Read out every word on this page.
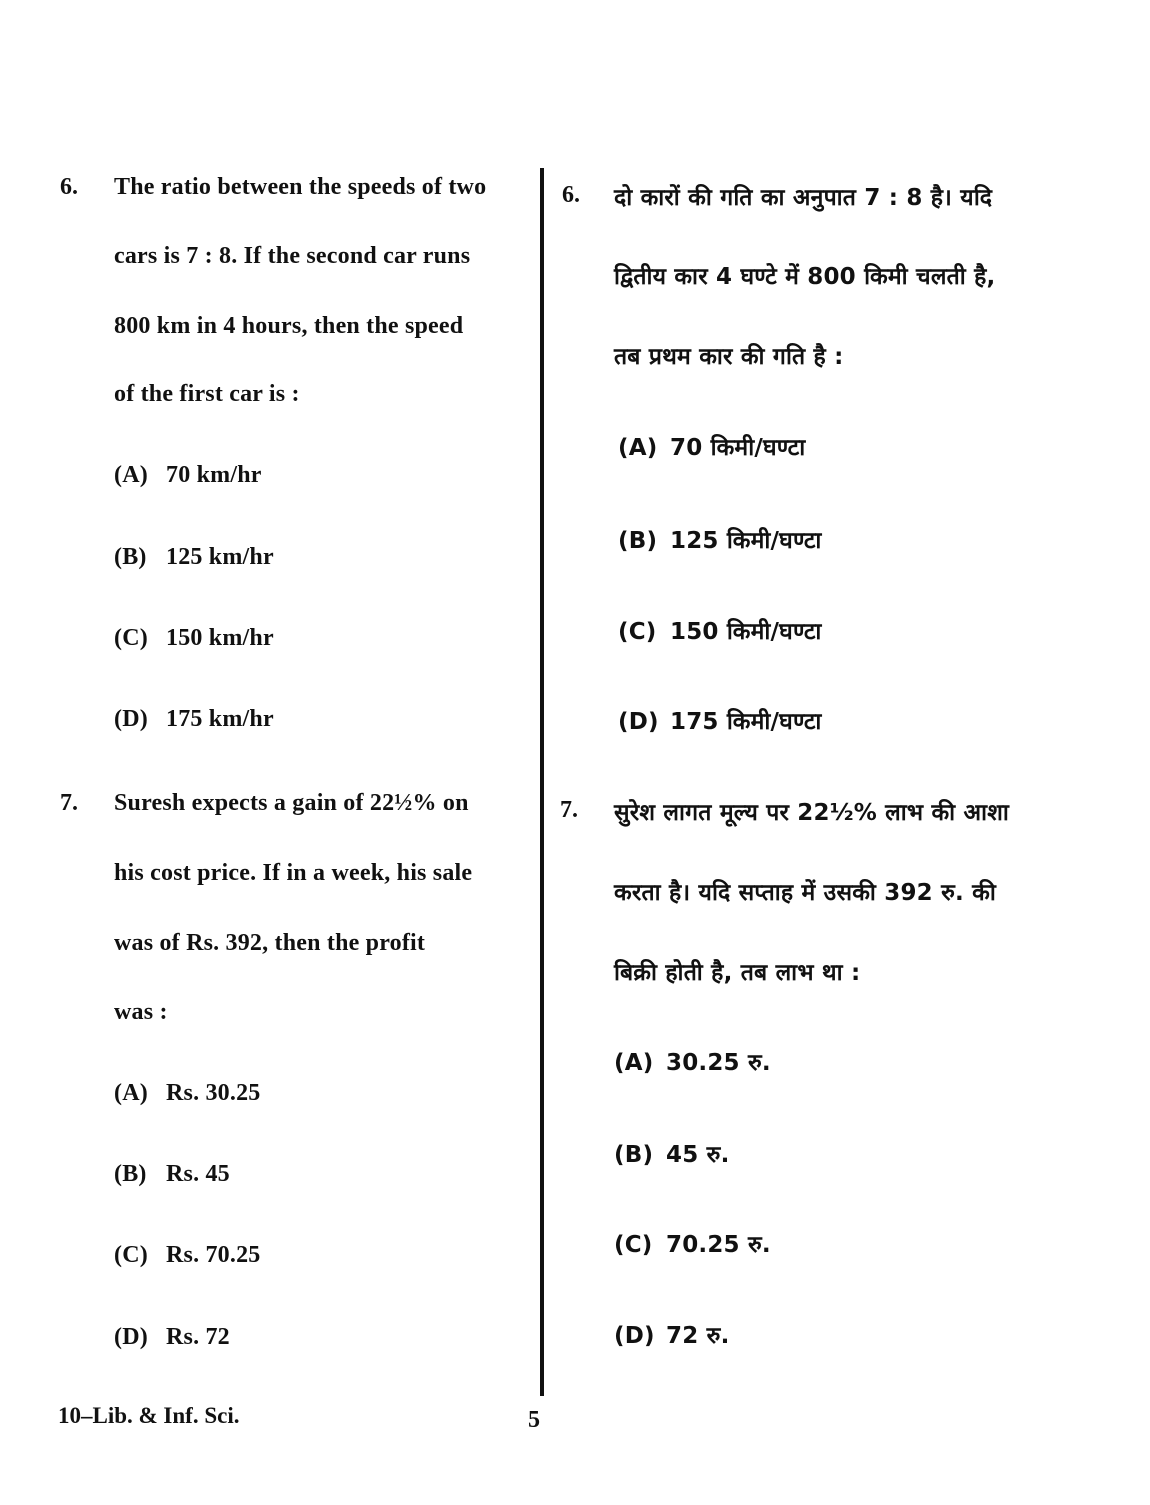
6. The ratio between the speeds of two
cars is 7 : 8. If the second car runs
800 km in 4 hours, then the speed
of the first car is :
(A) 70 km/hr
(B) 125 km/hr
(C) 150 km/hr
(D) 175 km/hr
7. Suresh expects a gain of 22½% on
his cost price. If in a week, his sale
was of Rs. 392, then the profit
was :
(A) Rs. 30.25
(B) Rs. 45
(C) Rs. 70.25
(D) Rs. 72
6. दो कारों की गति का अनुपात 7 : 8 है। यदि
द्वितीय कार 4 घण्टे में 800 किमी चलती है,
तब प्रथम कार की गति है :
(A) 70 किमी/घण्टा
(B) 125 किमी/घण्टा
(C) 150 किमी/घण्टा
(D) 175 किमी/घण्टा
7. सुरेश लागत मूल्य पर 22½% लाभ की आशा
करता है। यदि सप्ताह में उसकी 392 रु. की
बिक्री होती है, तब लाभ था :
(A) 30.25 रु.
(B) 45 रु.
(C) 70.25 रु.
(D) 72 रु.
10–Lib. & Inf. Sci.	5
